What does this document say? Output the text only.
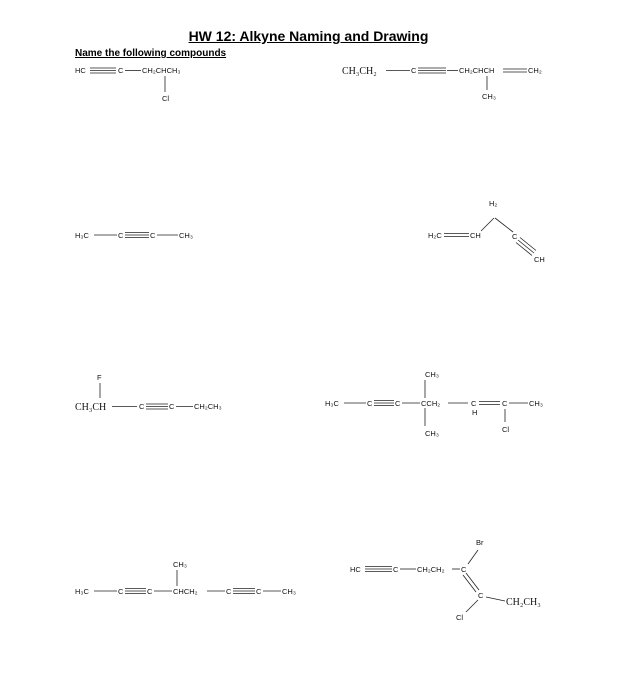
HW 12: Alkyne Naming and Drawing
Name the following compounds
HC	C CH₂CHCH₃
Cl
CH₃CH₂	C	CH₂CHCH	CH₂
CH₃
H₃C	C	C	CH₃	H₂C	CH
H₂
C
CH
F
CH₃CH	C	C	CH₂CH₃	H₃C	C	C	CCH₂
CH₃
CH₃
C
H
C
Cl
CH₃
H₃C	C	C	CHCH₂
CH₃
C	C	CH₃
HC	C CH₂CH₂ C
Br
C
CH₂CH₃
Cl
